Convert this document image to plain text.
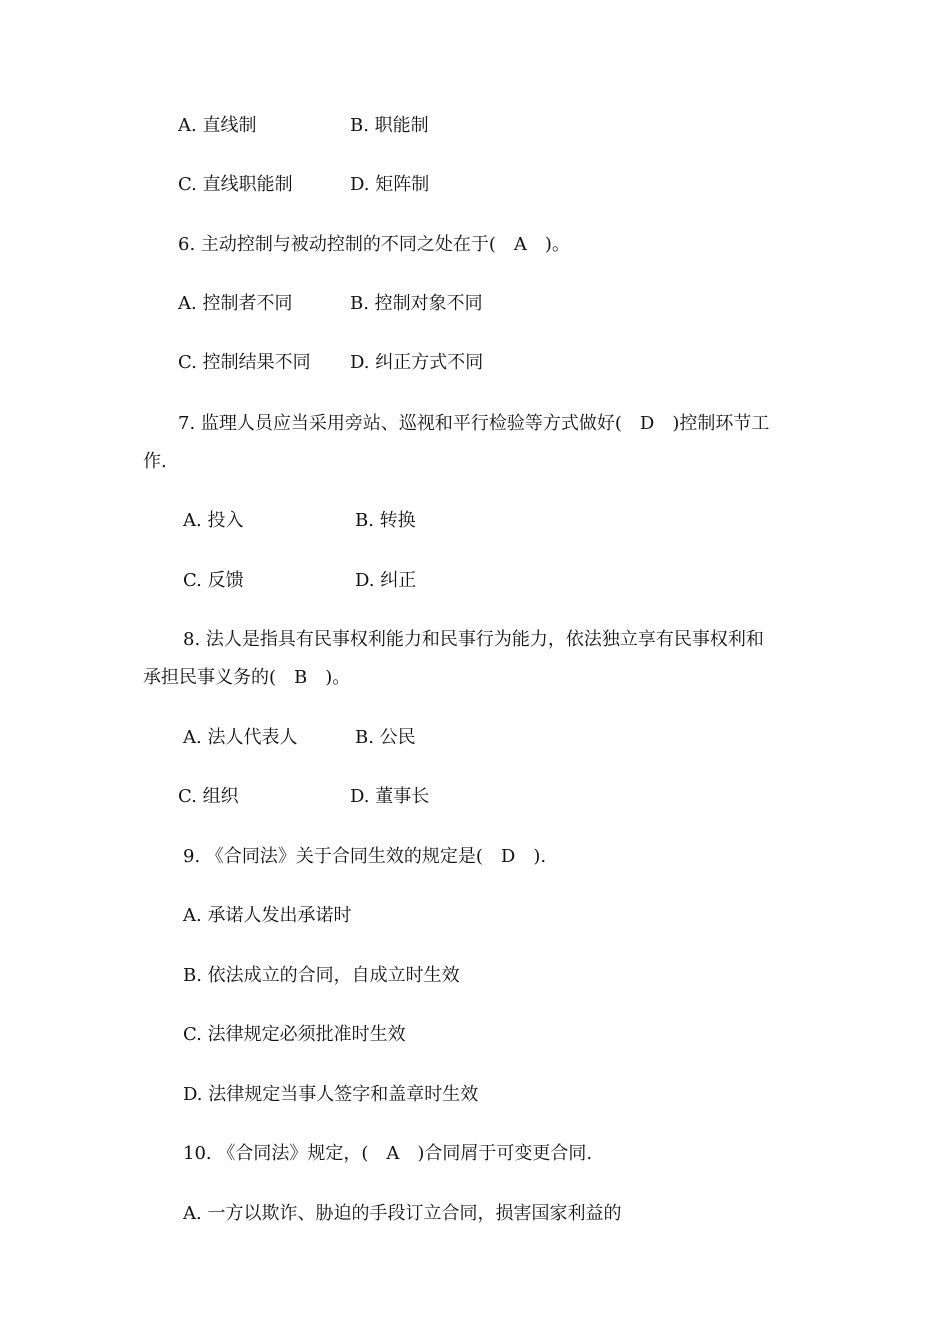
A. 直线制	B. 职能制
C. 直线职能制	D. 矩阵制
6. 主动控制与被动控制的不同之处在于(　A　)。
A. 控制者不同	B. 控制对象不同
C. 控制结果不同 D. 纠正方式不同
7. 监理人员应当采用旁站、巡视和平行检验等方式做好(　D　)控制环节工
作.
A. 投入	B. 转换
C. 反馈	D. 纠正
8. 法人是指具有民事权利能力和民事行为能力，依法独立享有民事权利和
承担民事义务的(　B　)。
A. 法人代表人	B. 公民
C. 组织	D. 董事长
9. 《合同法》关于合同生效的规定是(　D　).
A. 承诺人发出承诺时
B. 依法成立的合同，自成立时生效
C. 法律规定必须批准时生效
D. 法律规定当事人签字和盖章时生效
10. 《合同法》规定，(　A　)合同屑于可变更合同.
A. 一方以欺诈、胁迫的手段订立合同，损害国家利益的
